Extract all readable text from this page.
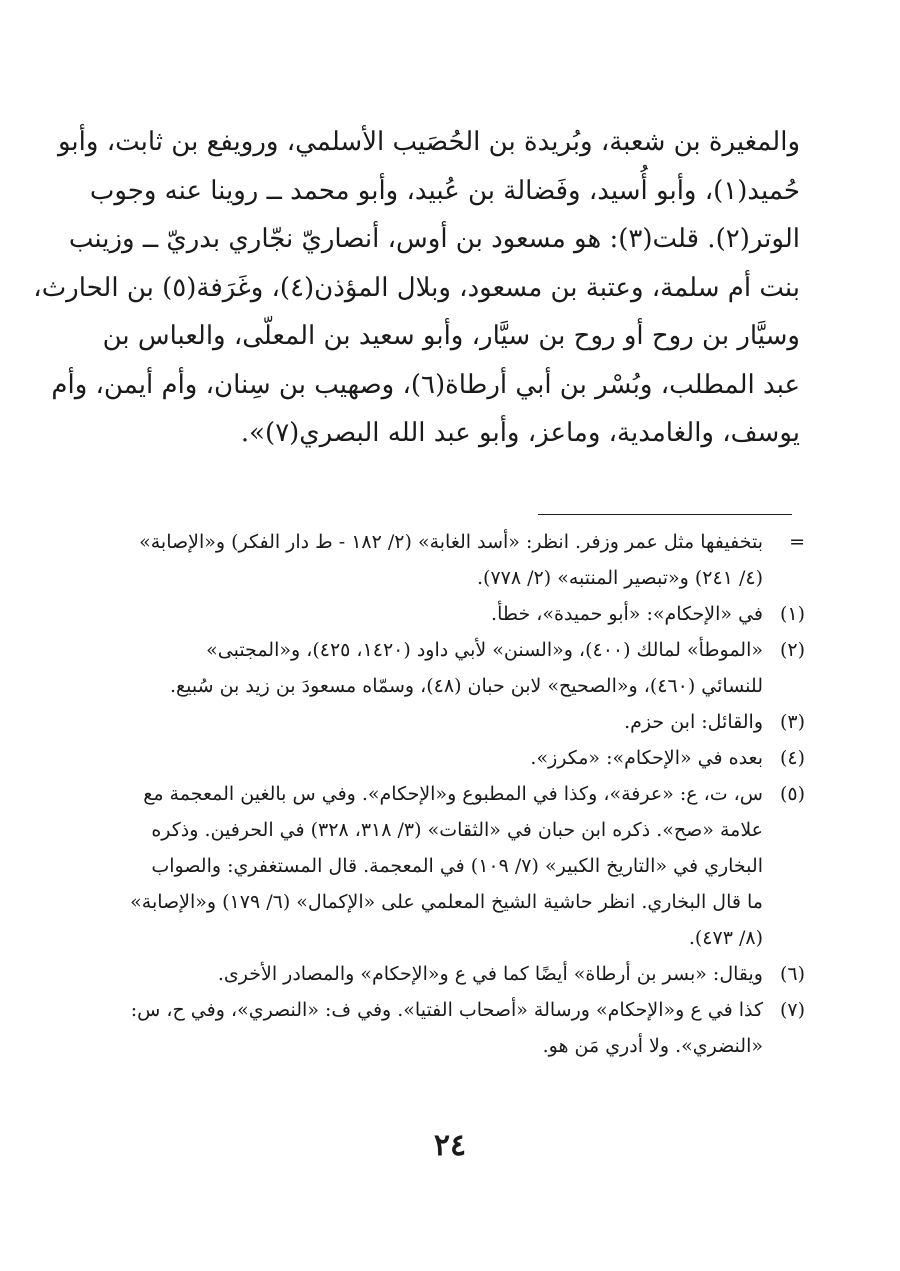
والمغيرة بن شعبة، وبُريدة بن الحُصَيب الأسلمي، ورويفع بن ثابت، وأبو
حُميد(١)، وأبو أُسيد، وفَضالة بن عُبيد، وأبو محمد ــ روينا عنه وجوب
الوتر(٢). قلت(٣): هو مسعود بن أوس، أنصاريّ نجّاري بدريّ ــ وزينب
بنت أم سلمة، وعتبة بن مسعود، وبلال المؤذن(٤)، وغَرَفة(٥) بن الحارث،
وسيَّار بن روح أو روح بن سيَّار، وأبو سعيد بن المعلّى، والعباس بن
عبد المطلب، وبُسْر بن أبي أرطاة(٦)، وصهيب بن سِنان، وأم أيمن، وأم
يوسف، والغامدية، وماعز، وأبو عبد الله البصري(٧)».
=
بتخفيفها مثل عمر وزفر. انظر: «أسد الغابة» (٢/ ١٨٢ - ط دار الفكر) و«الإصابة»
(٤/ ٢٤١) و«تبصير المنتبه» (٢/ ٧٧٨).
(١)
في «الإحكام»: «أبو حميدة»، خطأ.
(٢)
«الموطأ» لمالك (٤٠٠)، و«السنن» لأبي داود (١٤٢٠، ٤٢٥)، و«المجتبى»
للنسائي (٤٦٠)، و«الصحيح» لابن حبان (٤٨)، وسمّاه مسعودَ بن زيد بن سُبيع.
(٣)
والقائل: ابن حزم.
(٤)
بعده في «الإحكام»: «مكرز».
(٥)
س، ت، ع: «عرفة»، وكذا في المطبوع و«الإحكام». وفي س بالغين المعجمة مع
علامة «صح». ذكره ابن حبان في «الثقات» (٣/ ٣١٨، ٣٢٨) في الحرفين. وذكره
البخاري في «التاريخ الكبير» (٧/ ١٠٩) في المعجمة. قال المستغفري: والصواب
ما قال البخاري. انظر حاشية الشيخ المعلمي على «الإكمال» (٦/ ١٧٩) و«الإصابة»
(٨/ ٤٧٣).
(٦)
ويقال: «بسر بن أرطاة» أيضًا كما في ع و«الإحكام» والمصادر الأخرى.
(٧)
كذا في ع و«الإحكام» ورسالة «أصحاب الفتيا». وفي ف: «النصري»، وفي ح، س:
«النضري». ولا أدري مَن هو.
٢٤
